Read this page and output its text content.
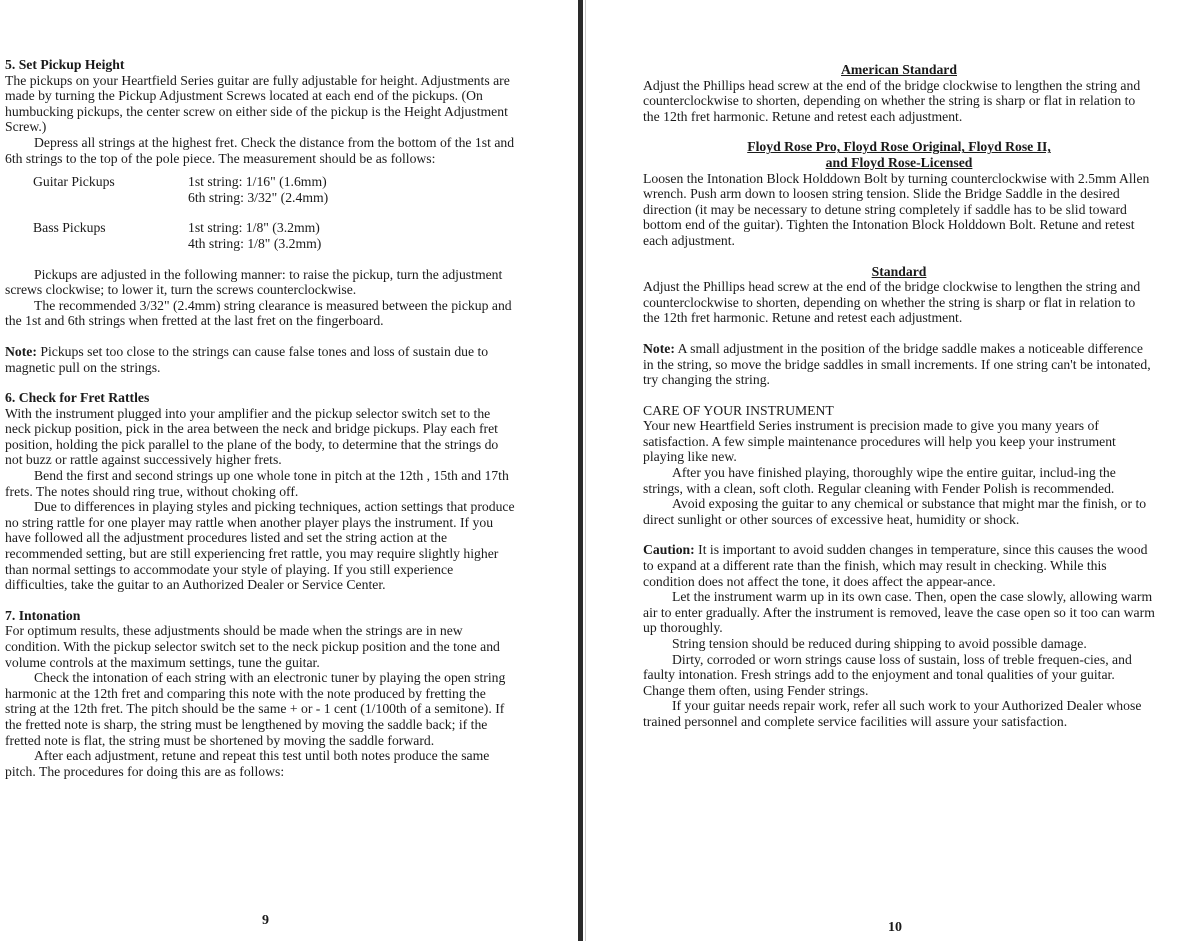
5. Set Pickup Height

The pickups on your Heartfield Series guitar are fully adjustable for height. Adjustments are made by turning the Pickup Adjustment Screws located at each end of the pickups. (On humbucking pickups, the center screw on either side of the pickup is the Height Adjustment Screw.)

Depress all strings at the highest fret. Check the distance from the bottom of the 1st and 6th strings to the top of the pole piece. The measurement should be as follows:

Guitar Pickups	1st string: 1/16" (1.6mm)
6th string: 3/32" (2.4mm)
Bass Pickups	1st string: 1/8" (3.2mm)
4th string: 1/8" (3.2mm)

Pickups are adjusted in the following manner: to raise the pickup, turn the adjustment screws clockwise; to lower it, turn the screws counterclockwise.

The recommended 3/32" (2.4mm) string clearance is measured between the pickup and the 1st and 6th strings when fretted at the last fret on the fingerboard.

Note: Pickups set too close to the strings can cause false tones and loss of sustain due to magnetic pull on the strings.

6. Check for Fret Rattles

With the instrument plugged into your amplifier and the pickup selector switch set to the neck pickup position, pick in the area between the neck and bridge pickups. Play each fret position, holding the pick parallel to the plane of the body, to determine that the strings do not buzz or rattle against successively higher frets.

Bend the first and second strings up one whole tone in pitch at the 12th , 15th and 17th frets. The notes should ring true, without choking off.

Due to differences in playing styles and picking techniques, action settings that produce no string rattle for one player may rattle when another player plays the instrument. If you have followed all the adjustment procedures listed and set the string action at the recommended setting, but are still experiencing fret rattle, you may require slightly higher than normal settings to accommodate your style of playing. If you still experience difficulties, take the guitar to an Authorized Dealer or Service Center.

7. Intonation

For optimum results, these adjustments should be made when the strings are in new condition. With the pickup selector switch set to the neck pickup position and the tone and volume controls at the maximum settings, tune the guitar.

Check the intonation of each string with an electronic tuner by playing the open string harmonic at the 12th fret and comparing this note with the note produced by fretting the string at the 12th fret. The pitch should be the same + or - 1 cent (1/100th of a semitone). If the fretted note is sharp, the string must be lengthened by moving the saddle back; if the fretted note is flat, the string must be shortened by moving the saddle forward.

After each adjustment, retune and repeat this test until both notes produce the same pitch. The procedures for doing this are as follows:

9

American Standard

Adjust the Phillips head screw at the end of the bridge clockwise to lengthen the string and counterclockwise to shorten, depending on whether the string is sharp or flat in relation to the 12th fret harmonic. Retune and retest each adjustment.

Floyd Rose Pro, Floyd Rose Original, Floyd Rose II,

and Floyd Rose-Licensed

Loosen the Intonation Block Holddown Bolt by turning counterclockwise with 2.5mm Allen wrench. Push arm down to loosen string tension. Slide the Bridge Saddle in the desired direction (it may be necessary to detune string completely if saddle has to be slid toward bottom end of the guitar). Tighten the Intonation Block Holddown Bolt. Retune and retest each adjustment.

Standard

Adjust the Phillips head screw at the end of the bridge clockwise to lengthen the string and counterclockwise to shorten, depending on whether the string is sharp or flat in relation to the 12th fret harmonic. Retune and retest each adjustment.

Note: A small adjustment in the position of the bridge saddle makes a noticeable difference in the string, so move the bridge saddles in small increments. If one string can't be intonated, try changing the string.

CARE OF YOUR INSTRUMENT

Your new Heartfield Series instrument is precision made to give you many years of satisfaction. A few simple maintenance procedures will help you keep your instrument playing like new.

After you have finished playing, thoroughly wipe the entire guitar, includ-ing the strings, with a clean, soft cloth. Regular cleaning with Fender Polish is recommended.

Avoid exposing the guitar to any chemical or substance that might mar the finish, or to direct sunlight or other sources of excessive heat, humidity or shock.

Caution: It is important to avoid sudden changes in temperature, since this causes the wood to expand at a different rate than the finish, which may result in checking. While this condition does not affect the tone, it does affect the appear-ance.

Let the instrument warm up in its own case. Then, open the case slowly, allowing warm air to enter gradually. After the instrument is removed, leave the case open so it too can warm up thoroughly.

String tension should be reduced during shipping to avoid possible damage.

Dirty, corroded or worn strings cause loss of sustain, loss of treble frequen-cies, and faulty intonation. Fresh strings add to the enjoyment and tonal qualities of your guitar. Change them often, using Fender strings.

If your guitar needs repair work, refer all such work to your Authorized Dealer whose trained personnel and complete service facilities will assure your satisfaction.

10
